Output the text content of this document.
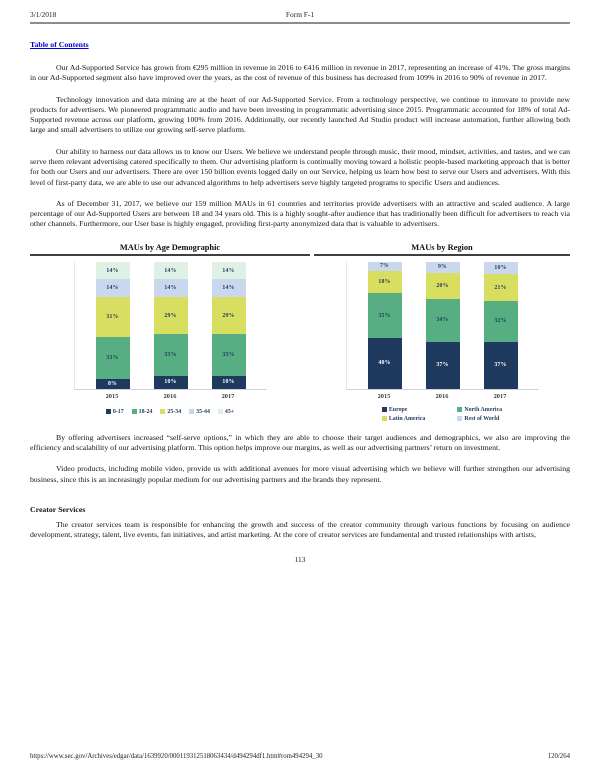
3/1/2018	Form F-1
Table of Contents

Our Ad-Supported Service has grown from €295 million in revenue in 2016 to €416 million in revenue in 2017, representing an increase of 41%. The gross margins in our Ad-Supported segment also have improved over the years, as the cost of revenue of this business has decreased from 109% in 2016 to 90% of revenue in 2017.

Technology innovation and data mining are at the heart of our Ad-Supported Service. From a technology perspective, we continue to innovate to provide new products for advertisers. We pioneered programmatic audio and have been investing in programmatic advertising since 2015. Programmatic accounted for 18% of total Ad-Supported revenue across our platform, growing 100% from 2016. Additionally, our recently launched Ad Studio product will increase automation, further allowing both large and small advertisers to utilize our growing self-serve platform.

Our ability to harness our data allows us to know our Users. We believe we understand people through music, their mood, mindset, activities, and tastes, and we can serve them relevant advertising catered specifically to them. Our advertising platform is continually moving toward a holistic people-based marketing approach that is better for both our Users and our advertisers. There are over 150 billion events logged daily on our Service, helping us learn how best to serve our Users and advertisers. With this level of first-party data, we are able to use our advanced algorithms to help advertisers serve highly targeted programs to specific Users and audiences.

As of December 31, 2017, we believe our 159 million MAUs in 61 countries and territories provide advertisers with an attractive and scaled audience. A large percentage of our Ad-Supported Users are between 18 and 34 years old. This is a highly sought-after audience that has traditionally been difficult for advertisers to reach via other channels. Furthermore, our User base is highly engaged, providing first-party anonymized data that is valuable to advertisers.

MAUs by Age Demographic
8%
33%
31%
14%
14%
10%
33%
29%
14%
14%
10%
33%
29%
14%
14%
2015	2016	2017
0-17	18-24	25-34	35-44	45+
MAUs by Region
40%
35%
18%
7%
37%
34%
20%
9%
37%
32%
21%
10%
2015	2016	2017
Europe	North America
Latin America	Rest of World

By offering advertisers increased “self-serve options,” in which they are able to choose their target audiences and demographics, we also are improving the efficiency and scalability of our advertising platform. This option helps improve our margins, as well as our advertising partners’ return on investment.

Video products, including mobile video, provide us with additional avenues for more visual advertising which we believe will further strengthen our advertising business, since this is an increasingly popular medium for our advertising partners and the brands they represent.

Creator Services

The creator services team is responsible for enhancing the growth and success of the creator community through various functions by focusing on audience development, strategy, talent, live events, fan initiatives, and artist marketing. At the core of creator services are fundamental and trusted relationships with artists,

113
https://www.sec.gov/Archives/edgar/data/1639920/000119312518063434/d494294df1.htm#rom494294_30	120/264
